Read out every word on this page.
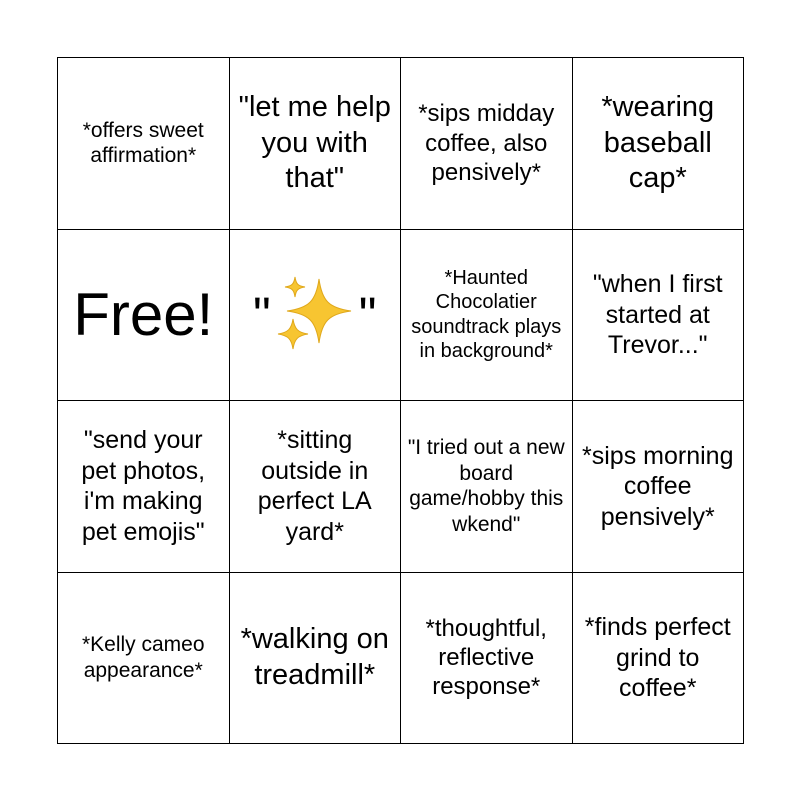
*offers sweet affirmation*	"let me help you with that"	*sips midday coffee, also pensively*	*wearing baseball cap*
Free!	" "	*Haunted Chocolatier soundtrack plays in background*	"when I first started at Trevor..."
"send your pet photos, i'm making pet emojis"	*sitting outside in perfect LA yard*	"I tried out a new board game/hobby this wkend"	*sips morning coffee pensively*
*Kelly cameo appearance*	*walking on treadmill*	*thoughtful, reflective response*	*finds perfect grind to coffee*
